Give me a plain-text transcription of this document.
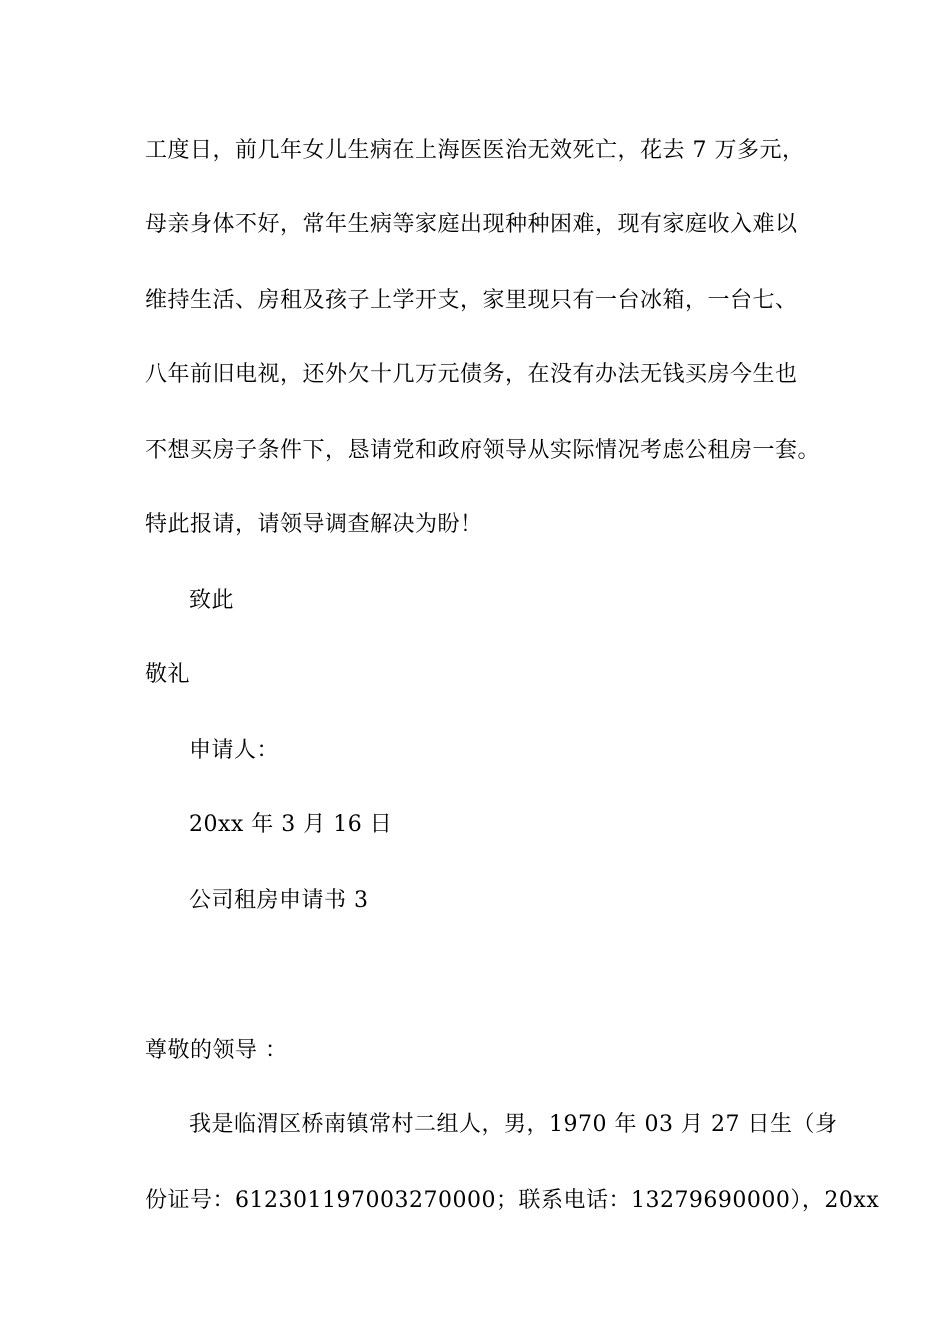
工度日，前几年女儿生病在上海医医治无效死亡，花去 7 万多元，
母亲身体不好，常年生病等家庭出现种种困难，现有家庭收入难以
维持生活、房租及孩子上学开支，家里现只有一台冰箱，一台七、
八年前旧电视，还外欠十几万元债务，在没有办法无钱买房今生也
不想买房子条件下，恳请党和政府领导从实际情况考虑公租房一套。
特此报请，请领导调查解决为盼！
致此
敬礼
申请人：
20xx 年 3 月 16 日
公司租房申请书 3
尊敬的领导 ：
我是临渭区桥南镇常村二组人，男，1970 年 03 月 27 日生（身
份证号：612301197003270000；联系电话：13279690000），20xx
